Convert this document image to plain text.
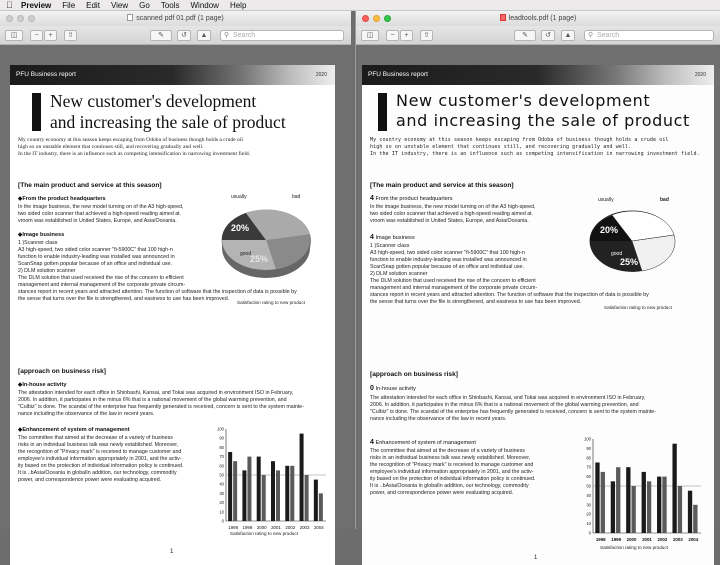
Preview File Edit View Go Tools Window Help
scanned pdf 01.pdf (1 page)
◫	−	+	⇧	✎	↺	▲	⚲ Search
PFU Business report	2020
New customer's development
and increasing the sale of product
My country economy at this season keeps escaping from Odoba of business though holds a crude oil
high so on unstable element that continues still, and recovering gradually and well.
In the IT industry, there is an influence such as competing intensification in narrowing investment field.
[The main product and service at this season]
◆From the product headquarters
In the image business, the new model turning on of the A3 high-speed,
two sided color scanner that achieved a high-speed reading aimed at.
vroom was established in United States, Europe, and Asia/Oceania.
◆Image business
1 )Scanner class
A3 high-speed, two sided color scanner "fi-5900C" that 100 high-n
function to enable industry-leading was installed was announced in
ScanSnap gotten popular because of an office and individual use.
2) DLM solution scanner
The DLM solution that used received the rise of the concern to efficient
management and internal management of the corporate private circum-
stances report in recent years and attracted attention. The function of software that the inspection of data is possible by
the sense that turns over the file is strengthened, and easiness to use has been improved.
usually	bad
good
20%
25%
Satisfaction rating to new product
[approach on business risk]
◆In-house activity
The attestation intended for each office in Shinbashi, Kansai, and Tokai was acquired in environment ISO in February,
2006. In addition, it participates in the minus 6% that is a national movement of the global warming prevention, and
"Culbiz" is done. The scandal of the enterprise has frequently generated is received, concern is sent to the system mainte-
nance including the observance of the law in recent years.
◆Enhancement of system of management
The committee that aimed at the decrease of a variety of business
risks in an individual business talk was newly established. Moreover,
the recognition of "Privacy mark" is received to manage customer and
employee's individual information appropriately in 2001, and the activ-
ity based on the protection of individual information policy is continued.
It is ..bAsia/Oceania in globalIn addition, our technology, commodity
power, and correspondence power were evaluating acquired.
100
90
80
70
60
50
40
30
20
10
0
1998 1999 2000 2001 2002 2003 2004
Satisfaction rating to new product
1
leadtools.pdf (1 page)
◫	−	+	⇧	✎	↺	▲	⚲ Search
PFU Business report	2020
New customer's development
and increasing the sale of product
My country economy at this season keeps escaping from Odoba of business though holds a crude oil
high so on unstable element that continues still, and recovering gradually and well.
In the IT industry, there is an influence such as competing intensification in narrowing investment field.
[The main product and service at this season]
4 From the product headquarters
In the image business, the new model turning on of the A3 high-speed,
two sided color scanner that achieved a high-speed reading aimed at.
vroom was established in United States, Europe, and Asia/Oceania.
4 Image business
1 )Scanner class
A3 high-speed, two sided color scanner "fi-5900C" that 100 high-n
function to enable industry-leading was installed was announced in
ScanSnap gotten popular because of an office and individual use.
2) DLM solution scanner
The DLM solution that used received the rise of the concern to efficient
management and internal management of the corporate private circum-
stances report in recent years and attracted attention. The function of software that the inspection of data is possible by
the sense that turns over the file is strengthened, and easiness to use has been improved.
usually	bad
good
20%
25%
Satisfaction rating to new product
[approach on business risk]
0 In-house activity
The attestation intended for each office in Shinbashi, Kansai, and Tokai was acquired in environment ISO in February,
2006. In addition, it participates in the minus 6% that is a national movement of the global warming prevention, and
"Culbiz" is done. The scandal of the enterprise has frequently generated is received, concern is sent to the system mainte-
nance including the observance of the law in recent years.
4 Enhancement of system of management
The committee that aimed at the decrease of a variety of business
risks in an individual business talk was newly established. Moreover,
the recognition of "Privacy mark" is received to manage customer and
employee's individual information appropriately in 2001, and the activ-
ity based on the protection of individual information policy is continued.
It is ..bAsia/Oceania in globalIn addition, our technology, commodity
power, and correspondence power were evaluating acquired.
100
90
80
70
60
50
40
30
20
10
0
1998 1999 2000 2001 2002 2003 2004
Satisfaction rating to new product
1
